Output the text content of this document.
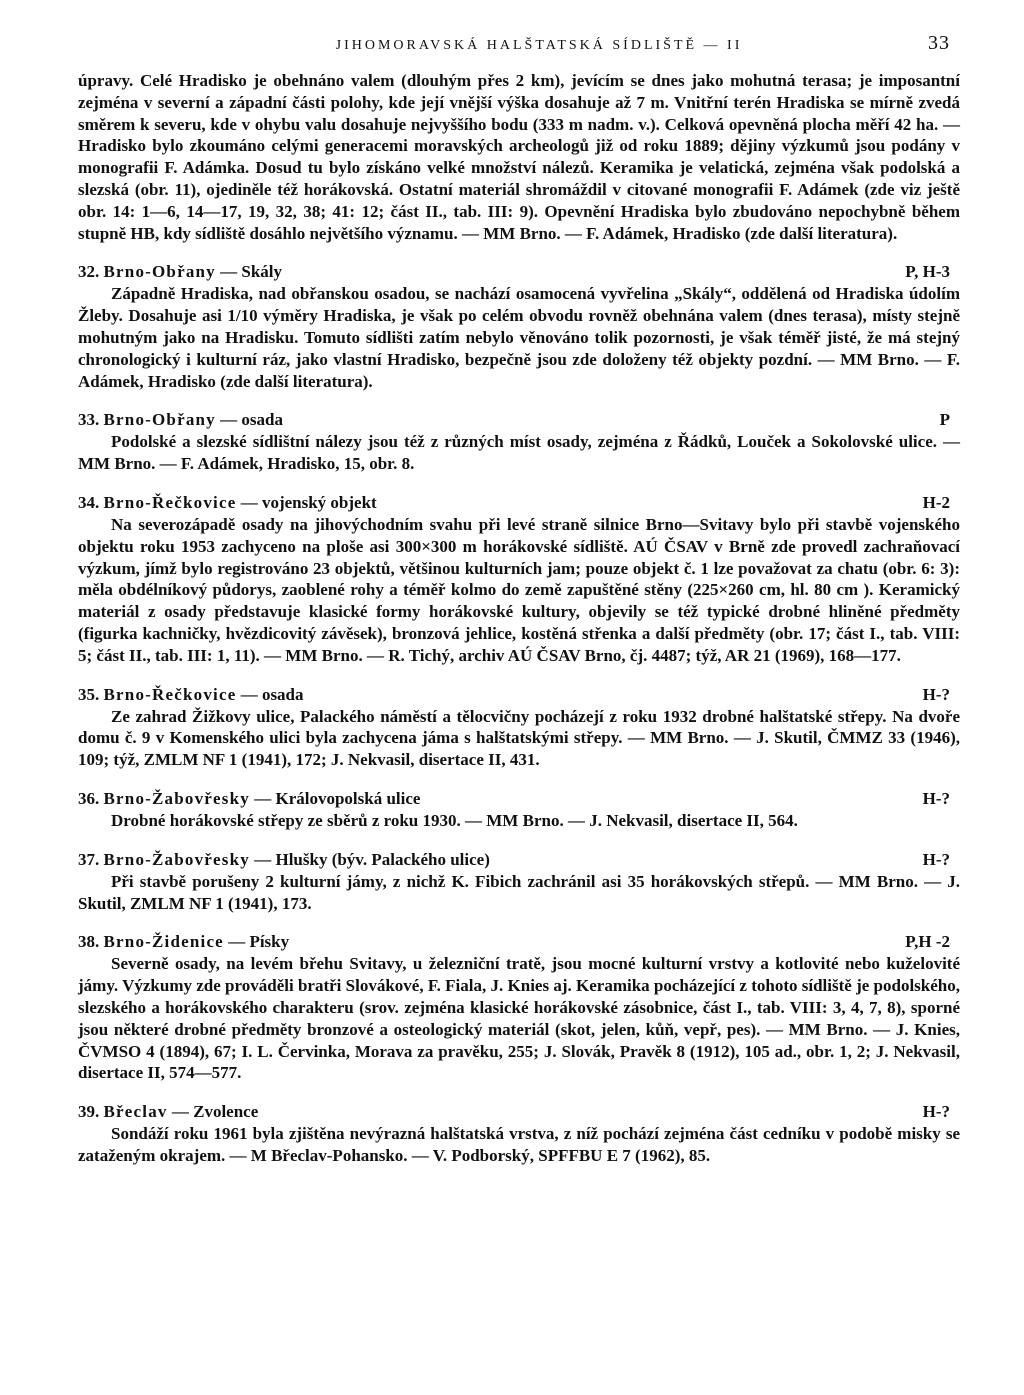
JIHOMORAVSKÁ HALŠTATSKÁ SÍDLIŠTĚ — II	33

úpravy. Celé Hradisko je obehnáno valem (dlouhým přes 2 km), jevícím se dnes jako mohutná terasa; je imposantní zejména v severní a západní části polohy, kde její vnější výška dosahuje až 7 m. Vnitřní terén Hradiska se mírně zvedá směrem k severu, kde v ohybu valu dosahuje nejvyššího bodu (333 m nadm. v.). Celková opevněná plocha měří 42 ha. — Hradisko bylo zkoumáno celými generacemi moravských archeologů již od roku 1889; dějiny výzkumů jsou podány v monografii F. Adámka. Dosud tu bylo získáno velké množství nálezů. Keramika je velatická, zejména však podolská a slezská (obr. 11), ojediněle též horákovská. Ostatní materiál shromáždil v citované monografii F. Adámek (zde viz ještě obr. 14: 1—6, 14—17, 19, 32, 38; 41: 12; část II., tab. III: 9). Opevnění Hradiska bylo zbudováno nepochybně během stupně HB, kdy sídliště dosáhlo největšího významu. — MM Brno. — F. Adámek, Hradisko (zde další literatura).

32. Brno-Obřany — Skály	P, H-3

Západně Hradiska, nad obřanskou osadou, se nachází osamocená vyvřelina „Skály“, oddělená od Hradiska údolím Žleby. Dosahuje asi 1/10 výměry Hradiska, je však po celém obvodu rovněž obehnána valem (dnes terasa), místy stejně mohutným jako na Hradisku. Tomuto sídlišti zatím nebylo věnováno tolik pozornosti, je však téměř jisté, že má stejný chronologický i kulturní ráz, jako vlastní Hradisko, bezpečně jsou zde doloženy též objekty pozdní. — MM Brno. — F. Adámek, Hradisko (zde další literatura).

33. Brno-Obřany — osada	P

Podolské a slezské sídlištní nálezy jsou též z různých míst osady, zejména z Řádků, Louček a Sokolovské ulice. — MM Brno. — F. Adámek, Hradisko, 15, obr. 8.

34. Brno-Řečkovice — vojenský objekt	H-2

Na severozápadě osady na jihovýchodním svahu při levé straně silnice Brno—Svitavy bylo při stavbě vojenského objektu roku 1953 zachyceno na ploše asi 300×300 m horákovské sídliště. AÚ ČSAV v Brně zde provedl zachraňovací výzkum, jímž bylo registrováno 23 objektů, většinou kulturních jam; pouze objekt č. 1 lze považovat za chatu (obr. 6: 3): měla obdélníkový půdorys, zaoblené rohy a téměř kolmo do země zapuštěné stěny (225×260 cm, hl. 80 cm ). Keramický materiál z osady představuje klasické formy horákovské kultury, objevily se též typické drobné hliněné předměty (figurka kachničky, hvězdicovitý závěsek), bronzová jehlice, kostěná střenka a další předměty (obr. 17; část I., tab. VIII: 5; část II., tab. III: 1, 11). — MM Brno. — R. Tichý, archiv AÚ ČSAV Brno, čj. 4487; týž, AR 21 (1969), 168—177.

35. Brno-Řečkovice — osada	H-?

Ze zahrad Žižkovy ulice, Palackého náměstí a tělocvičny pocházejí z roku 1932 drobné halštatské střepy. Na dvoře domu č. 9 v Komenského ulici byla zachycena jáma s halštatskými střepy. — MM Brno. — J. Skutil, ČMMZ 33 (1946), 109; týž, ZMLM NF 1 (1941), 172; J. Nekvasil, disertace II, 431.

36. Brno-Žabovřesky — Královopolská ulice	H-?

Drobné horákovské střepy ze sběrů z roku 1930. — MM Brno. — J. Nekvasil, disertace II, 564.

37. Brno-Žabovřesky — Hlušky (býv. Palackého ulice)	H-?

Při stavbě porušeny 2 kulturní jámy, z nichž K. Fibich zachránil asi 35 horákovských střepů. — MM Brno. — J. Skutil, ZMLM NF 1 (1941), 173.

38. Brno-Židenice — Písky	P,H -2

Severně osady, na levém břehu Svitavy, u železniční tratě, jsou mocné kulturní vrstvy a kotlovité nebo kuželovité jámy. Výzkumy zde prováděli bratři Slovákové, F. Fiala, J. Knies aj. Keramika pocházející z tohoto sídliště je podolského, slezského a horákovského charakteru (srov. zejména klasické horákovské zásobnice, část I., tab. VIII: 3, 4, 7, 8), sporné jsou některé drobné předměty bronzové a osteologický materiál (skot, jelen, kůň, vepř, pes). — MM Brno. — J. Knies, ČVMSO 4 (1894), 67; I. L. Červinka, Morava za pravěku, 255; J. Slovák, Pravěk 8 (1912), 105 ad., obr. 1, 2; J. Nekvasil, disertace II, 574—577.

39. Břeclav — Zvolence	H-?

Sondáží roku 1961 byla zjištěna nevýrazná halštatská vrstva, z níž pochází zejména část cedníku v podobě misky se zataženým okrajem. — M Břeclav-Pohansko. — V. Podborský, SPFFBU E 7 (1962), 85.
